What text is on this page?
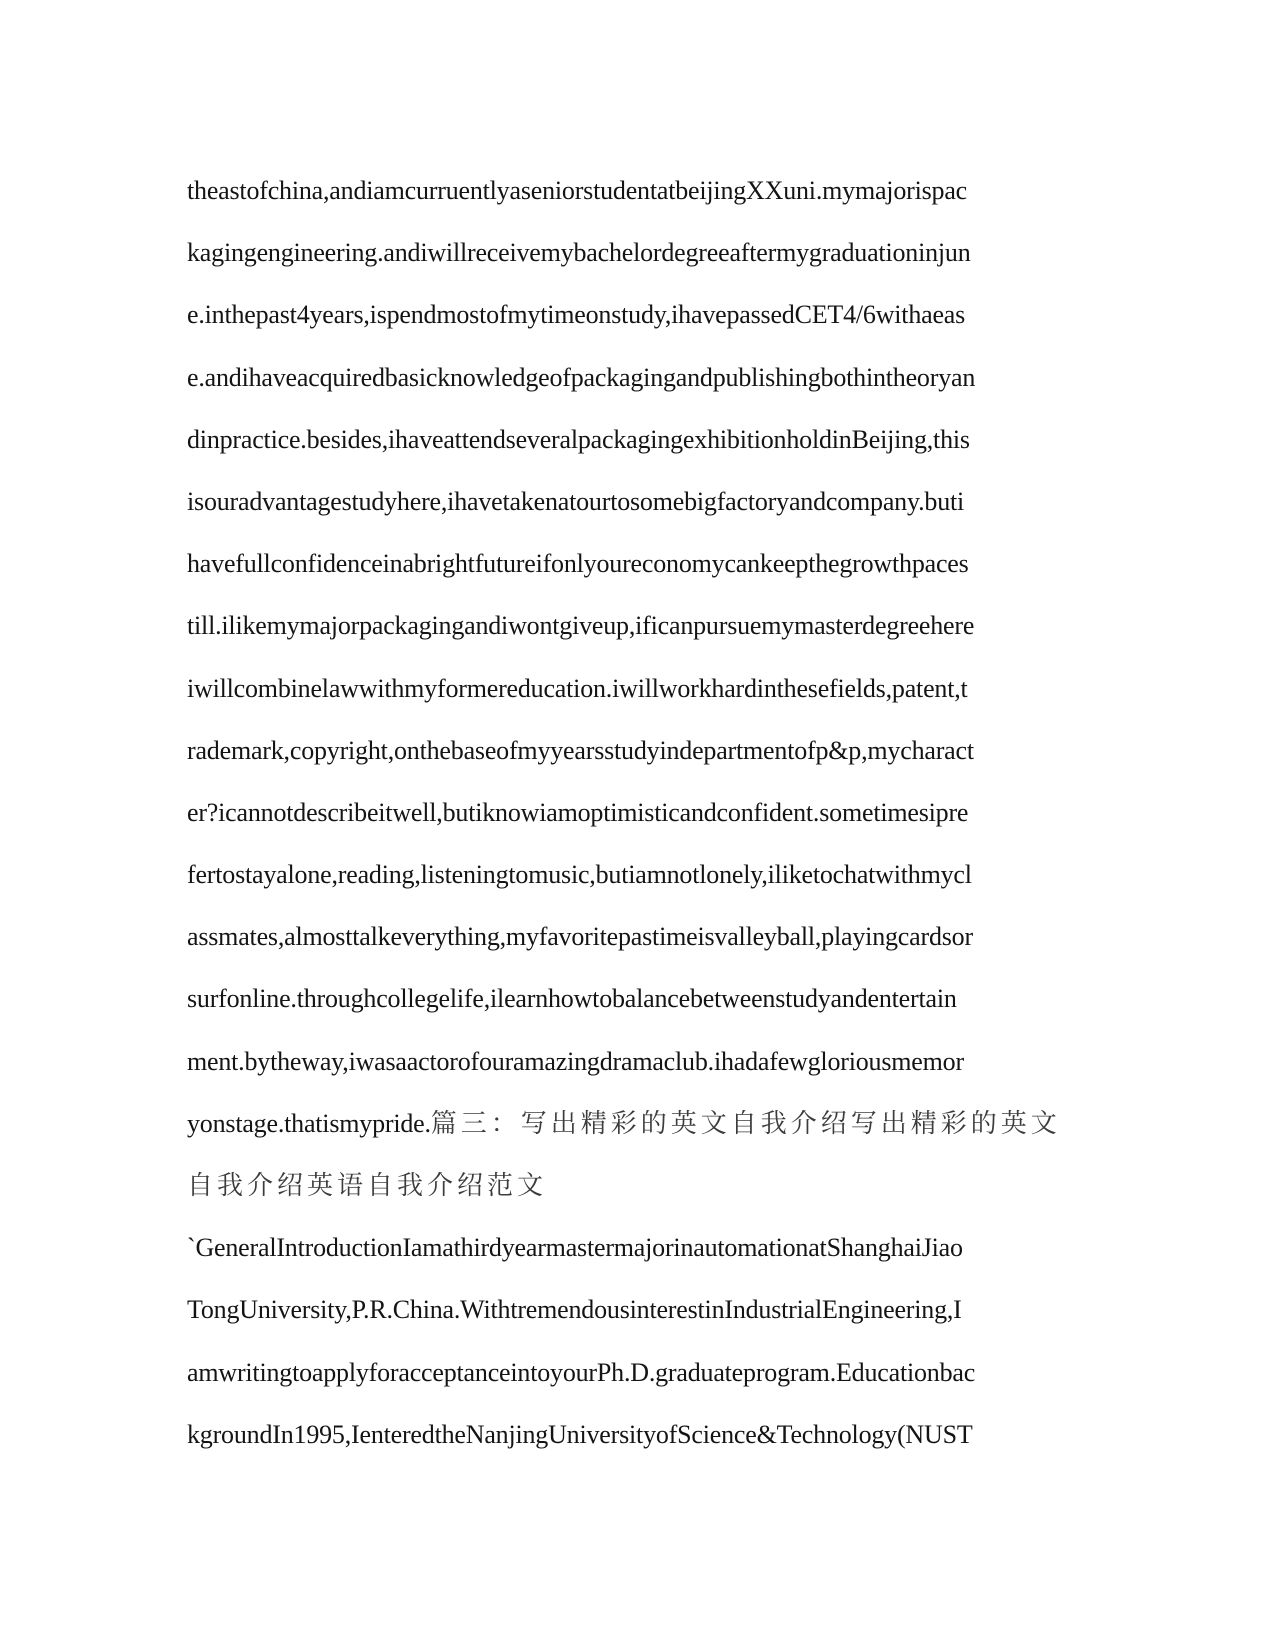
theastofchina,andiamcurruentlyaseniorstudentatbeijingXXuni.mymajorispac
kagingengineering.andiwillreceivemybachelordegreeaftermygraduationinjun
e.inthepast4years,ispendmostofmytimeonstudy,ihavepassedCET4/6withaeas
e.andihaveacquiredbasicknowledgeofpackagingandpublishingbothintheoryan
dinpractice.besides,ihaveattendseveralpackagingexhibitionholdinBeijing,this
isouradvantagestudyhere,ihavetakenatourtosomebigfactoryandcompany.buti
havefullconfidenceinabrightfutureifonlyoureconomycankeepthegrowthpaces
till.ilikemymajorpackagingandiwontgiveup,ificanpursuemymasterdegreehere
iwillcombinelawwithmyformereducation.iwillworkhardinthesefields,patent,t
rademark,copyright,onthebaseofmyyearsstudyindepartmentofp&p,mycharact
er?icannotdescribeitwell,butiknowiamoptimisticandconfident.sometimesipre
fertostayalone,reading,listeningtomusic,butiamnotlonely,iliketochatwithmycl
assmates,almosttalkeverything,myfavoritepastimeisvalleyball,playingcardsor
surfonline.throughcollegelife,ilearnhowtobalancebetweenstudyandentertain
ment.bytheway,iwasaactorofouramazingdramaclub.ihadafewgloriousmemor
yonstage.thatismypride.篇三：写出精彩的英文自我介绍写出精彩的英文
自我介绍英语自我介绍范文
`GeneralIntroductionIamathirdyearmastermajorinautomationatShanghaiJiao
TongUniversity,P.R.China.WithtremendousinterestinIndustrialEngineering,I
amwritingtoapplyforacceptanceintoyourPh.D.graduateprogram.Educationbac
kgroundIn1995,IenteredtheNanjingUniversityofScience&Technology(NUST
